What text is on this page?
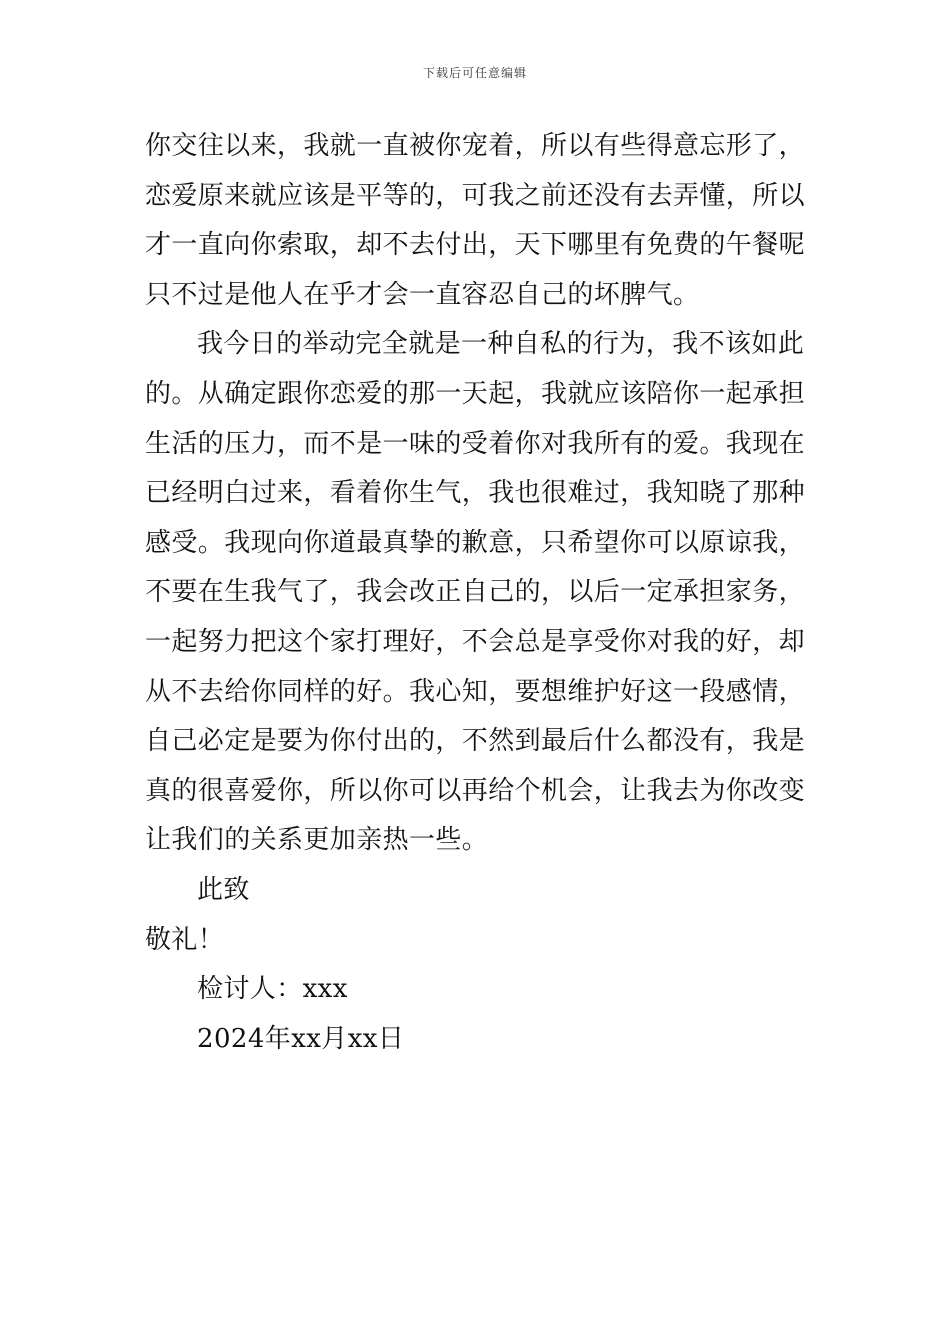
下载后可任意编辑
你交往以来，我就一直被你宠着，所以有些得意忘形了，
恋爱原来就应该是平等的，可我之前还没有去弄懂，所以
才一直向你索取，却不去付出，天下哪里有免费的午餐呢
只不过是他人在乎才会一直容忍自己的坏脾气。
我今日的举动完全就是一种自私的行为，我不该如此
的。从确定跟你恋爱的那一天起，我就应该陪你一起承担
生活的压力，而不是一味的受着你对我所有的爱。我现在
已经明白过来，看着你生气，我也很难过，我知晓了那种
感受。我现向你道最真挚的歉意，只希望你可以原谅我，
不要在生我气了，我会改正自己的，以后一定承担家务，
一起努力把这个家打理好，不会总是享受你对我的好，却
从不去给你同样的好。我心知，要想维护好这一段感情，
自己必定是要为你付出的，不然到最后什么都没有，我是
真的很喜爱你，所以你可以再给个机会，让我去为你改变
让我们的关系更加亲热一些。
此致
敬礼！
检讨人：xxx
2024年xx月xx日
